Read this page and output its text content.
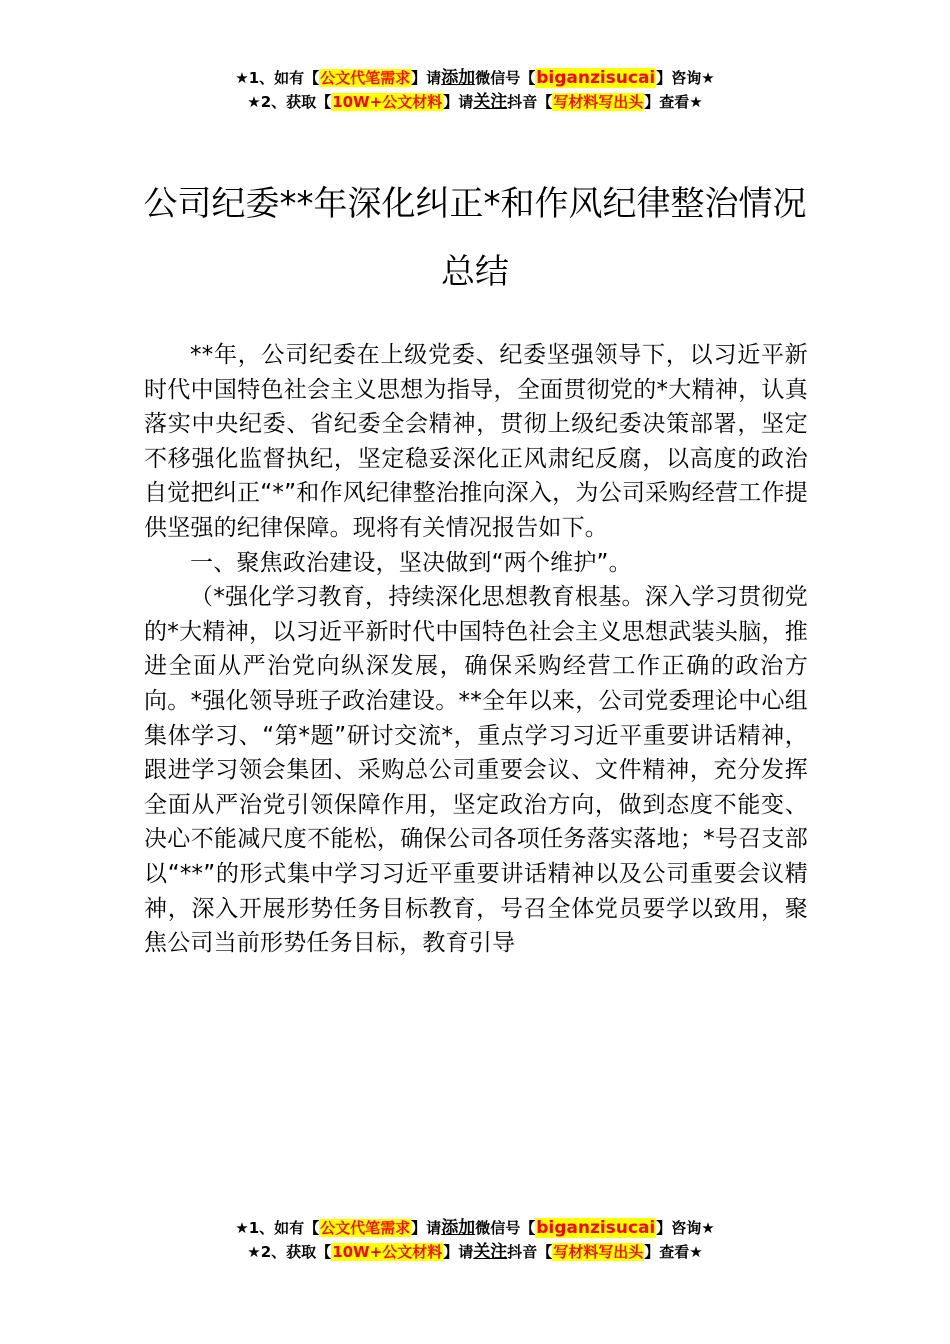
★1、如有【公文代笔需求】请添加微信号【biganzisucai】咨询★
★2、获取【10W+公文材料】请关注抖音【写材料写出头】查看★
公司纪委**年深化纠正*和作风纪律整治情况总结

**年，公司纪委在上级党委、纪委坚强领导下，以习近平新时代中国特色社会主义思想为指导，全面贯彻党的*大精神，认真落实中央纪委、省纪委全会精神，贯彻上级纪委决策部署，坚定不移强化监督执纪，坚定稳妥深化正风肃纪反腐，以高度的政治自觉把纠正“*”和作风纪律整治推向深入，为公司采购经营工作提供坚强的纪律保障。现将有关情况报告如下。

一、聚焦政治建设，坚决做到“两个维护”。

（*强化学习教育，持续深化思想教育根基。深入学习贯彻党的*大精神，以习近平新时代中国特色社会主义思想武装头脑，推进全面从严治党向纵深发展，确保采购经营工作正确的政治方向。*强化领导班子政治建设。**全年以来，公司党委理论中心组集体学习、“第*题”研讨交流*，重点学习习近平重要讲话精神，跟进学习领会集团、采购总公司重要会议、文件精神，充分发挥全面从严治党引领保障作用，坚定政治方向，做到态度不能变、决心不能减尺度不能松，确保公司各项任务落实落地；*号召支部以“**”的形式集中学习习近平重要讲话精神以及公司重要会议精神，深入开展形势任务目标教育，号召全体党员要学以致用，聚焦公司当前形势任务目标，教育引导

★1、如有【公文代笔需求】请添加微信号【biganzisucai】咨询★
★2、获取【10W+公文材料】请关注抖音【写材料写出头】查看★
